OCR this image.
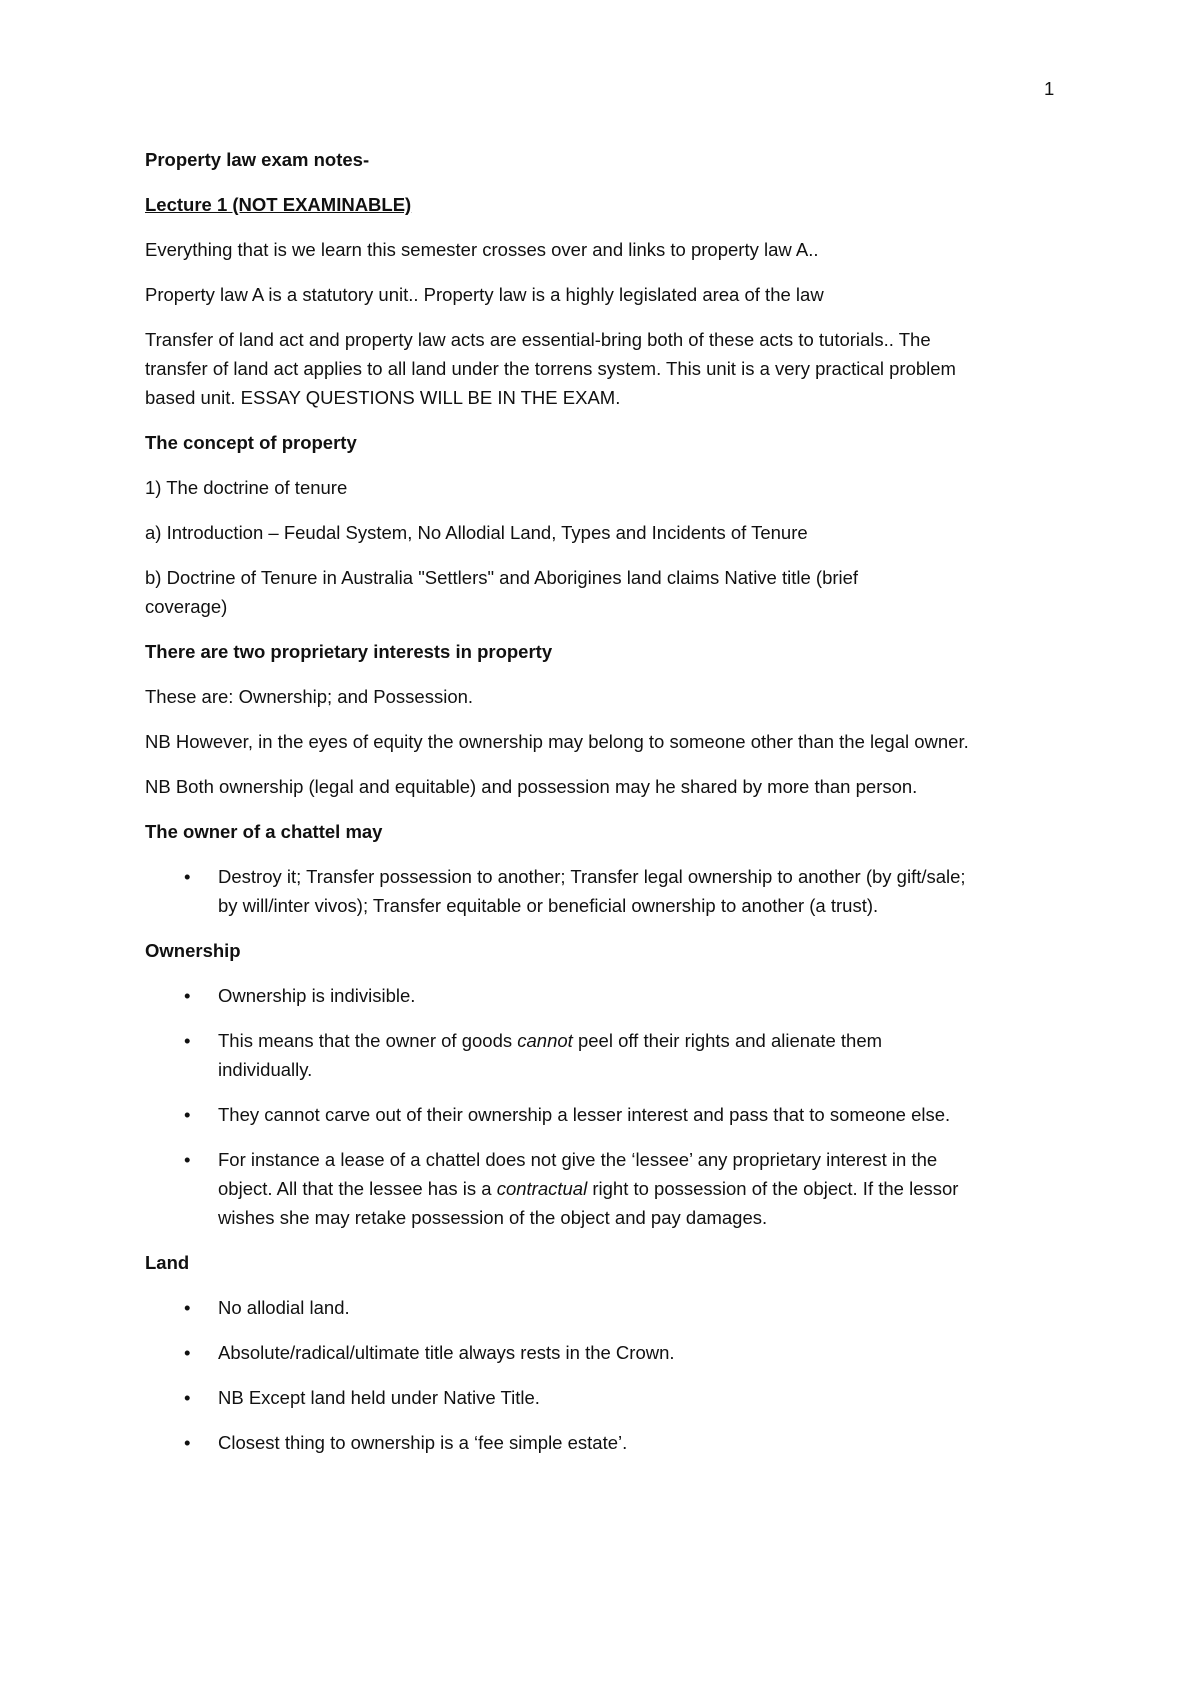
1

Property law exam notes-

Lecture 1 (NOT EXAMINABLE)

Everything that is we learn this semester crosses over and links to property law A..

Property law A is a statutory unit.. Property law is a highly legislated area of the law

Transfer of land act and property law acts are essential-bring both of these acts to tutorials.. The
transfer of land act applies to all land under the torrens system. This unit is a very practical problem
based unit. ESSAY QUESTIONS WILL BE IN THE EXAM.

The concept of property

1) The doctrine of tenure

a) Introduction – Feudal System, No Allodial Land, Types and Incidents of Tenure

b) Doctrine of Tenure in Australia "Settlers" and Aborigines land claims Native title (brief
coverage)

There are two proprietary interests in property

These are: Ownership; and Possession.

NB However, in the eyes of equity the ownership may belong to someone other than the legal owner.

NB Both ownership (legal and equitable) and possession may he shared by more than person.

The owner of a chattel may

• Destroy it; Transfer possession to another; Transfer legal ownership to another (by gift/sale;
by will/inter vivos); Transfer equitable or beneficial ownership to another (a trust).

Ownership

• Ownership is indivisible.
• This means that the owner of goods cannot peel off their rights and alienate them
individually.
• They cannot carve out of their ownership a lesser interest and pass that to someone else.
• For instance a lease of a chattel does not give the ‘lessee’ any proprietary interest in the
object. All that the lessee has is a contractual right to possession of the object. If the lessor
wishes she may retake possession of the object and pay damages.

Land

• No allodial land.
• Absolute/radical/ultimate title always rests in the Crown.
• NB Except land held under Native Title.
• Closest thing to ownership is a ‘fee simple estate’.
